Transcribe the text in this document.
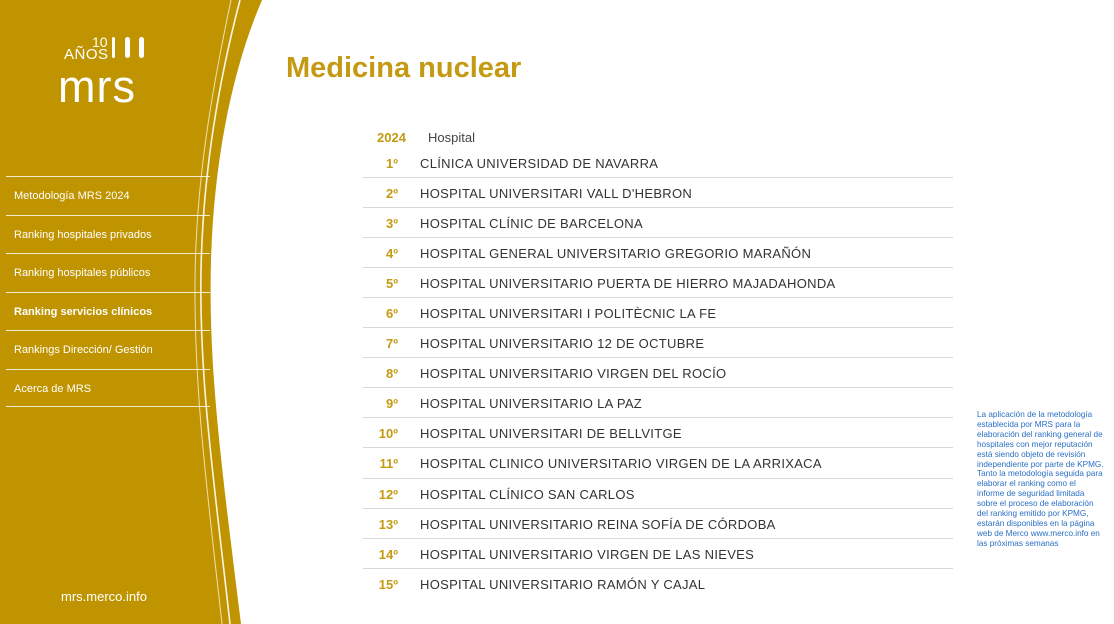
10
AÑOS
mrs
Metodología MRS 2024
Ranking hospitales privados
Ranking hospitales públicos
Ranking servicios clínicos
Rankings Dirección/ Gestión
Acerca de MRS
mrs.merco.info
Medicina nuclear
2024 Hospital
1º CLÍNICA UNIVERSIDAD DE NAVARRA
2º HOSPITAL UNIVERSITARI VALL D'HEBRON
3º HOSPITAL CLÍNIC DE BARCELONA
4º HOSPITAL GENERAL UNIVERSITARIO GREGORIO MARAÑÓN
5º HOSPITAL UNIVERSITARIO PUERTA DE HIERRO MAJADAHONDA
6º HOSPITAL UNIVERSITARI I POLITÈCNIC LA FE
7º HOSPITAL UNIVERSITARIO 12 DE OCTUBRE
8º HOSPITAL UNIVERSITARIO VIRGEN DEL ROCÍO
9º HOSPITAL UNIVERSITARIO LA PAZ
10º HOSPITAL UNIVERSITARI DE BELLVITGE
11º HOSPITAL CLINICO UNIVERSITARIO VIRGEN DE LA ARRIXACA
12º HOSPITAL CLÍNICO SAN CARLOS
13º HOSPITAL UNIVERSITARIO REINA SOFÍA DE CÓRDOBA
14º HOSPITAL UNIVERSITARIO VIRGEN DE LAS NIEVES
15º HOSPITAL UNIVERSITARIO RAMÓN Y CAJAL

La aplicación de la metodología establecida por MRS para la elaboración del ranking general de hospitales con mejor reputación está siendo objeto de revisión independiente por parte de KPMG.

Tanto la metodología seguida para elaborar el ranking como el informe de seguridad limitada sobre el proceso de elaboración del ranking emitido por KPMG, estarán disponibles en la página web de Merco www.merco.info en las próximas semanas
